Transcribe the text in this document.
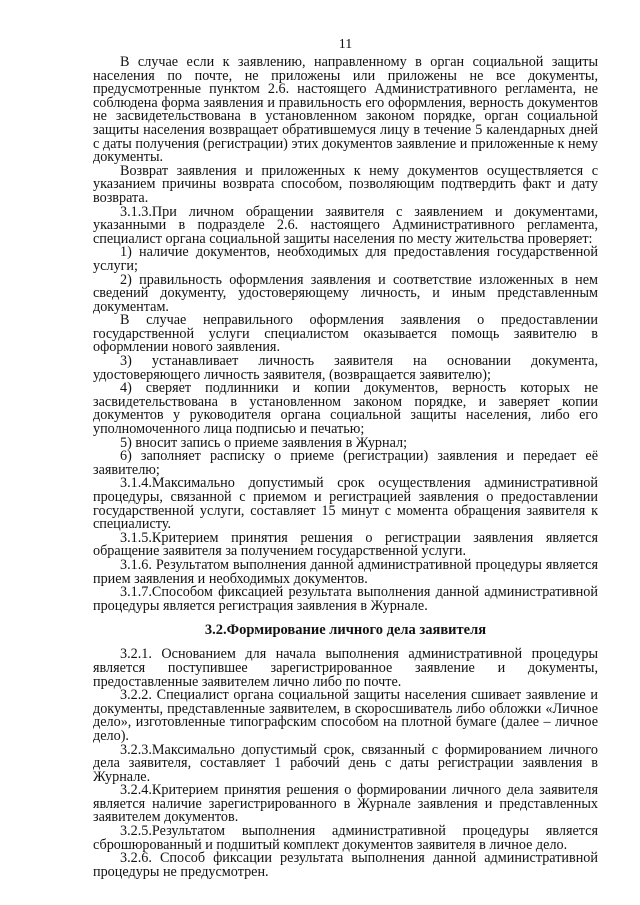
11

В случае если к заявлению, направленному в орган социальной защиты населения по почте, не приложены или приложены не все документы, предусмотренные пунктом 2.6. настоящего Административного регламента, не соблюдена форма заявления и правильность его оформления, верность документов не засвидетельствована в установленном законом порядке, орган социальной защиты населения возвращает обратившемуся лицу в течение 5 календарных дней с даты получения (регистрации) этих документов заявление и приложенные к нему документы.

Возврат заявления и приложенных к нему документов осуществляется с указанием причины возврата способом, позволяющим подтвердить факт и дату возврата.

3.1.3.При личном обращении заявителя с заявлением и документами, указанными в подразделе 2.6. настоящего Административного регламента, специалист органа социальной защиты населения по месту жительства проверяет:

1) наличие документов, необходимых для предоставления государственной услуги;

2) правильность оформления заявления и соответствие изложенных в нем сведений документу, удостоверяющему личность, и иным представленным документам.

В случае неправильного оформления заявления о предоставлении государственной услуги специалистом оказывается помощь заявителю в оформлении нового заявления.

3) устанавливает личность заявителя на основании документа, удостоверяющего личность заявителя, (возвращается заявителю);

4) сверяет подлинники и копии документов, верность которых не засвидетельствована в установленном законом порядке, и заверяет копии документов у руководителя органа социальной защиты населения, либо его уполномоченного лица подписью и печатью;

5) вносит запись о приеме заявления в Журнал;

6) заполняет расписку о приеме (регистрации) заявления и передает её заявителю;

3.1.4.Максимально допустимый срок осуществления административной процедуры, связанной с приемом и регистрацией заявления о предоставлении государственной услуги, составляет 15 минут с момента обращения заявителя к специалисту.

3.1.5.Критерием принятия решения о регистрации заявления является обращение заявителя за получением государственной услуги.

3.1.6. Результатом выполнения данной административной процедуры является прием заявления и необходимых документов.

3.1.7.Способом фиксацией результата выполнения данной административной процедуры является регистрация заявления в Журнале.

3.2.Формирование личного дела заявителя

3.2.1. Основанием для начала выполнения административной процедуры является поступившее зарегистрированное заявление и документы, предоставленные заявителем лично либо по почте.

3.2.2. Специалист органа социальной защиты населения сшивает заявление и документы, представленные заявителем, в скоросшиватель либо обложки «Личное дело», изготовленные типографским способом на плотной бумаге (далее – личное дело).

3.2.3.Максимально допустимый срок, связанный с формированием личного дела заявителя, составляет 1 рабочий день с даты регистрации заявления в Журнале.

3.2.4.Критерием принятия решения о формировании личного дела заявителя является наличие зарегистрированного в Журнале заявления и представленных заявителем документов.

3.2.5.Результатом выполнения административной процедуры является сброшюрованный и подшитый комплект документов заявителя в личное дело.

3.2.6. Способ фиксации результата выполнения данной административной процедуры не предусмотрен.
